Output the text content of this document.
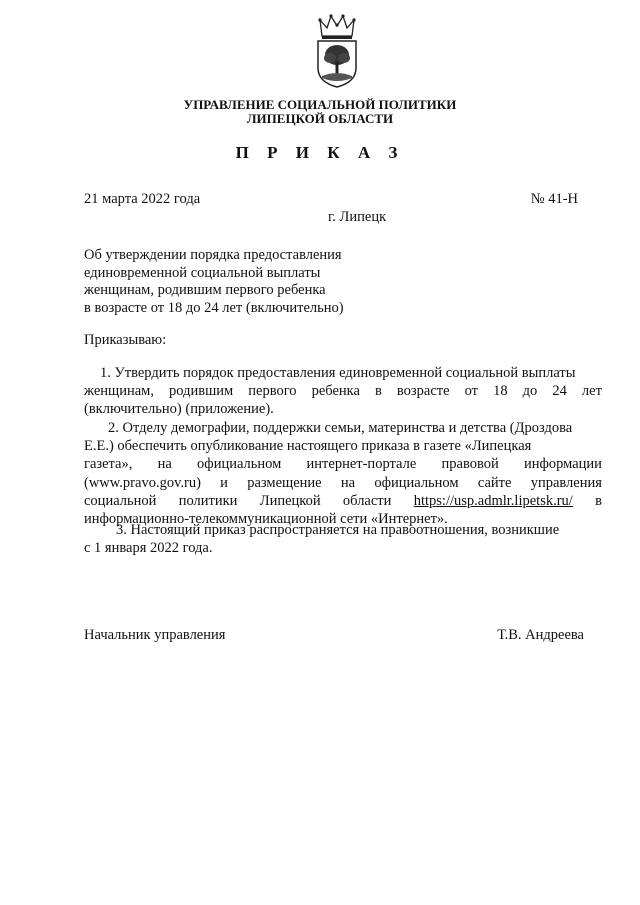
УПРАВЛЕНИЕ СОЦИАЛЬНОЙ ПОЛИТИКИ
ЛИПЕЦКОЙ ОБЛАСТИ
П Р И К А З
21 марта 2022 года	№ 41-Н
г. Липецк
Об утверждении порядка предоставления
единовременной социальной выплаты
женщинам, родившим первого ребенка
в возрасте от 18 до 24 лет (включительно)
Приказываю:
1. Утвердить порядок предоставления единовременной социальной выплаты
женщинам, родившим первого ребенка в возрасте от 18 до 24 лет
(включительно) (приложение).
2. Отделу демографии, поддержки семьи, материнства и детства (Дроздова
Е.Е.) обеспечить опубликование настоящего приказа в газете «Липецкая
газета», на официальном интернет-портале правовой информации
(www.pravo.gov.ru) и размещение на официальном сайте управления
социальной политики Липецкой области https://usp.admlr.lipetsk.ru/ в
информационно-телекоммуникационной сети «Интернет».
3. Настоящий приказ распространяется на правоотношения, возникшие
с 1 января 2022 года.
Начальник управления	Т.В. Андреева
